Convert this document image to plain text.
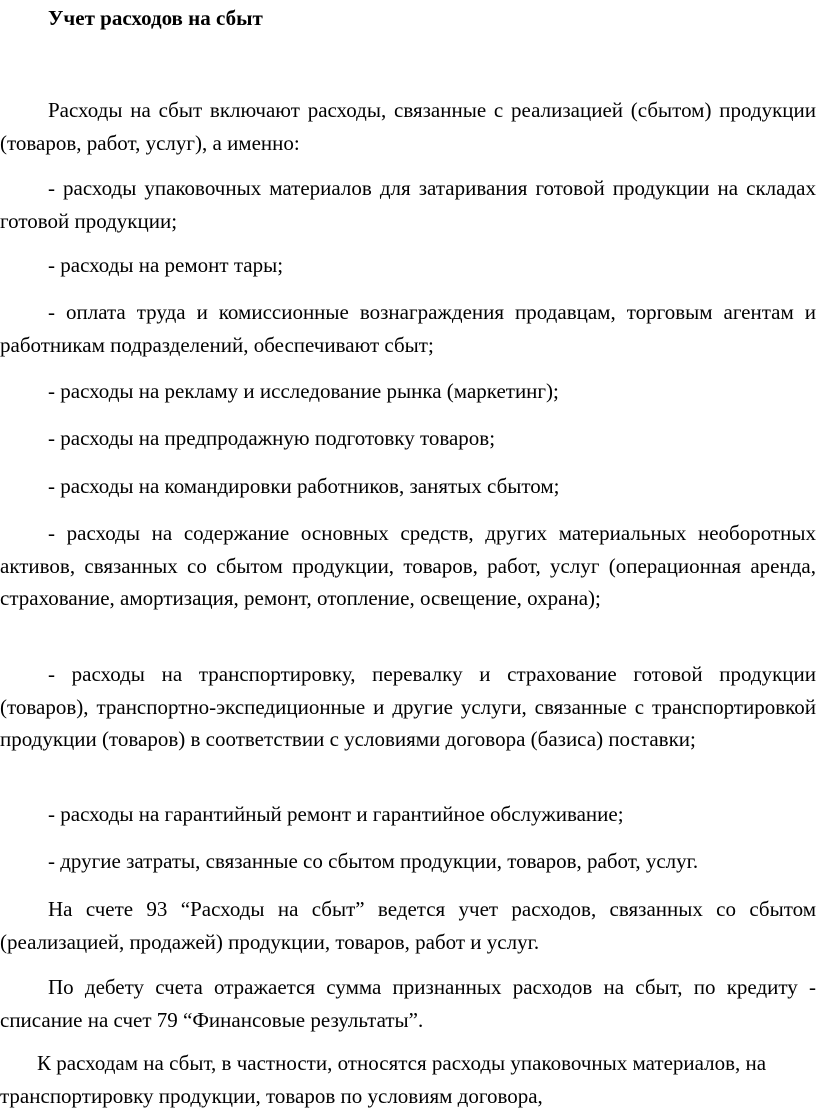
Учет расходов на сбыт

Расходы на сбыт включают расходы, связанные с реализацией (сбытом) продукции (товаров, работ, услуг), а именно:

- расходы упаковочных материалов для затаривания готовой продукции на складах готовой продукции;

- расходы на ремонт тары;

- оплата труда и комиссионные вознаграждения продавцам, торговым агентам и работникам подразделений, обеспечивают сбыт;

- расходы на рекламу и исследование рынка (маркетинг);

- расходы на предпродажную подготовку товаров;

- расходы на командировки работников, занятых сбытом;

- расходы на содержание основных средств, других материальных необоротных активов, связанных со сбытом продукции, товаров, работ, услуг (операционная аренда, страхование, амортизация, ремонт, отопление, освещение, охрана);

- расходы на транспортировку, перевалку и страхование готовой продукции (товаров), транспортно-экспедиционные и другие услуги, связанные с транспортировкой продукции (товаров) в соответствии с условиями договора (базиса) поставки;

- расходы на гарантийный ремонт и гарантийное обслуживание;

- другие затраты, связанные со сбытом продукции, товаров, работ, услуг.

На счете 93 “Расходы на сбыт” ведется учет расходов, связанных со сбытом (реализацией, продажей) продукции, товаров, работ и услуг.

По дебету счета отражается сумма признанных расходов на сбыт, по кредиту - списание на счет 79 “Финансовые результаты”.

К расходам на сбыт, в частности, относятся расходы упаковочных материалов, на транспортировку продукции, товаров по условиям договора,
